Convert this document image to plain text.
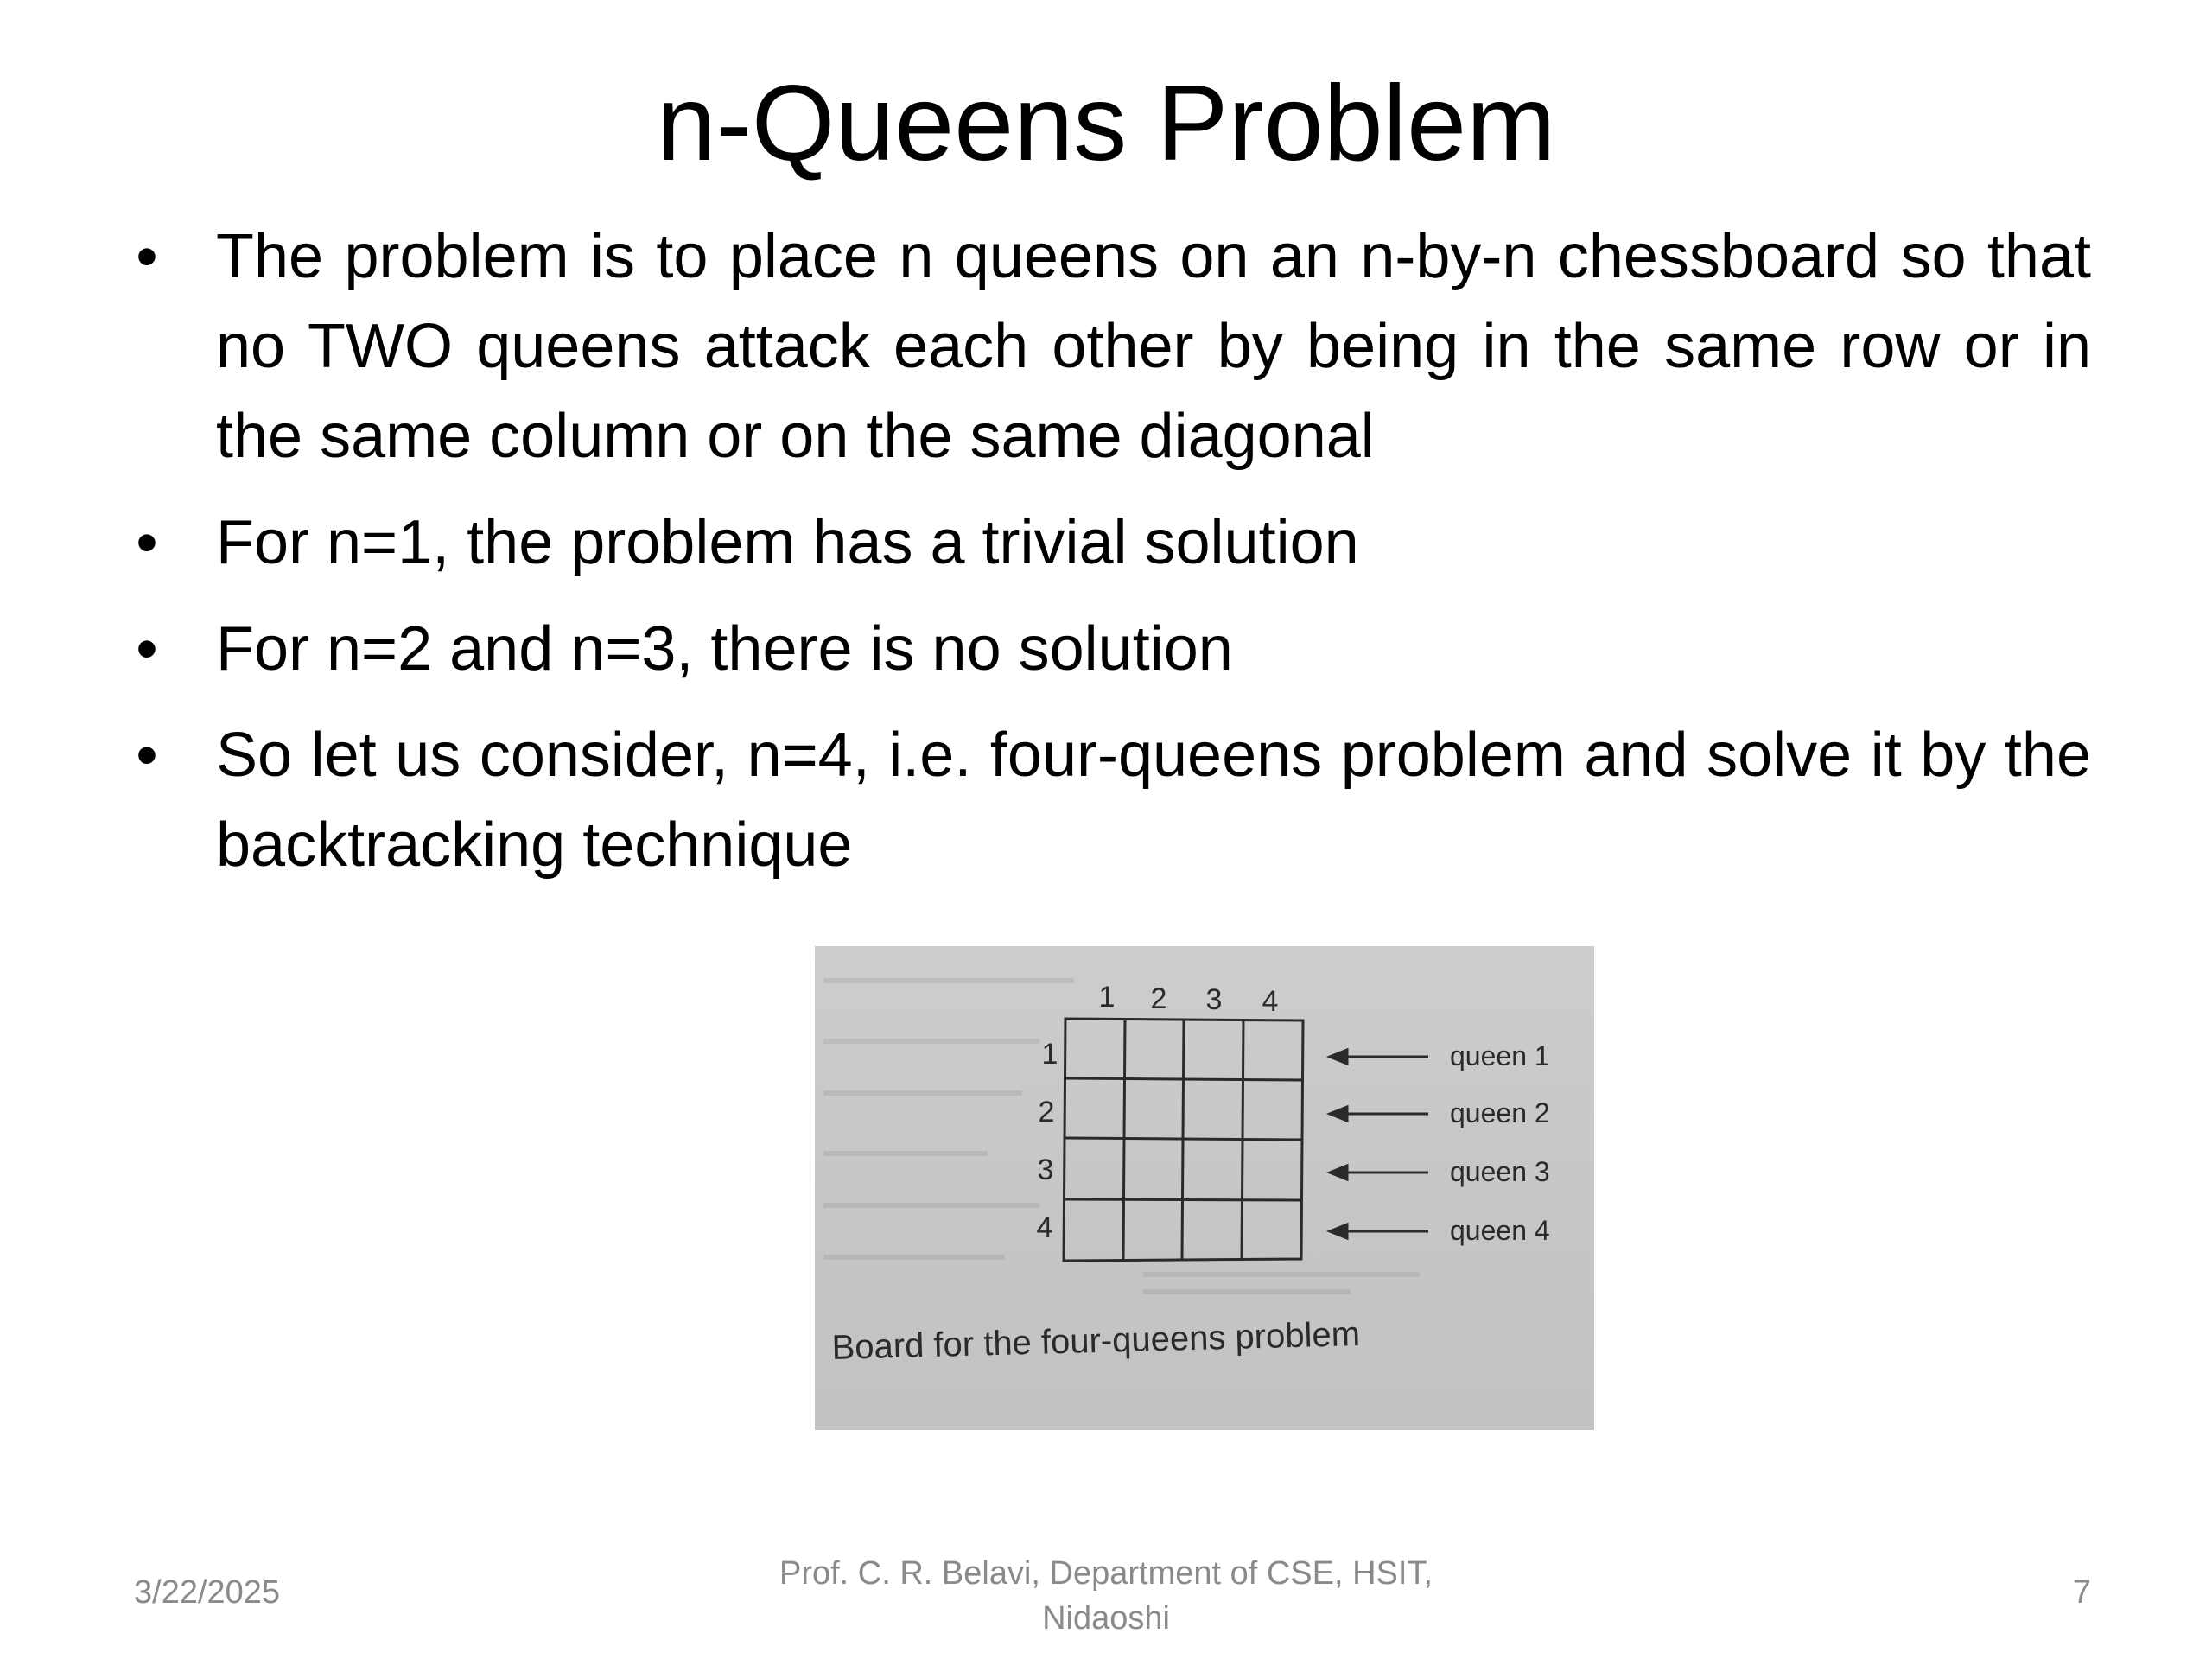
n-Queens Problem
• The problem is to place n queens on an n-by-n chessboard so that no TWO queens attack each other by being in the same row or in the same column or on the same diagonal
• For n=1, the problem has a trivial solution
• For n=2 and n=3, there is no solution
• So let us consider, n=4, i.e. four-queens problem and solve it by the backtracking technique
1 2 3 4
1
2
3
4
queen 1
queen 2
queen 3
queen 4
Board for the four-queens problem
3/22/2025
Prof. C. R. Belavi, Department of CSE, HSIT,
Nidaoshi
7
